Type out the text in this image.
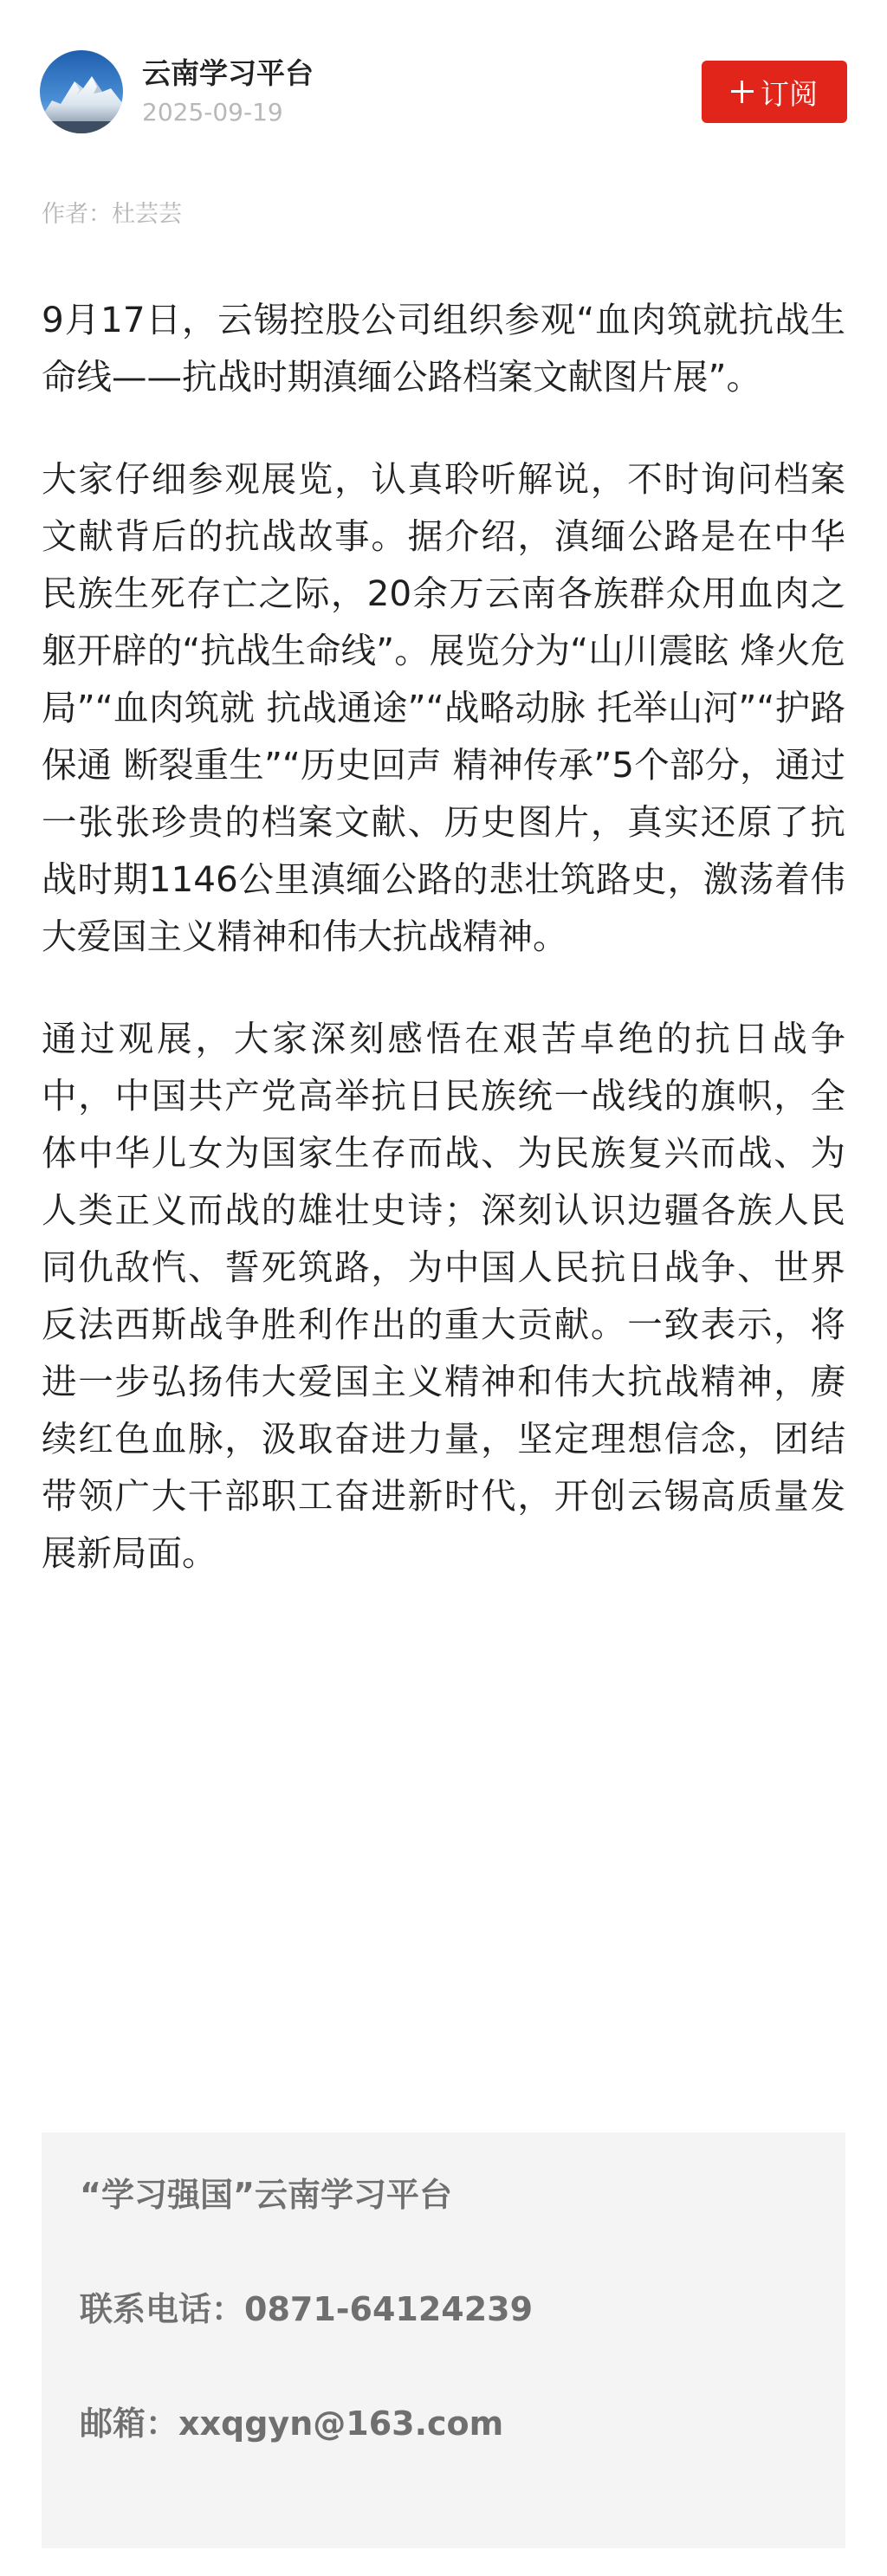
云南学习平台
2025-09-19
订阅
作者：杜芸芸

9月17日，云锡控股公司组织参观“血肉筑就抗战生命线——抗战时期滇缅公路档案文献图片展”。

大家仔细参观展览，认真聆听解说，不时询问档案文献背后的抗战故事。据介绍，滇缅公路是在中华民族生死存亡之际，20余万云南各族群众用血肉之躯开辟的“抗战生命线”。展览分为“山川震眩 烽火危局”“血肉筑就 抗战通途”“战略动脉 托举山河”“护路保通 断裂重生”“历史回声 精神传承”5个部分，通过一张张珍贵的档案文献、历史图片，真实还原了抗战时期1146公里滇缅公路的悲壮筑路史，激荡着伟大爱国主义精神和伟大抗战精神。

通过观展，大家深刻感悟在艰苦卓绝的抗日战争中，中国共产党高举抗日民族统一战线的旗帜，全体中华儿女为国家生存而战、为民族复兴而战、为人类正义而战的雄壮史诗；深刻认识边疆各族人民同仇敌忾、誓死筑路，为中国人民抗日战争、世界反法西斯战争胜利作出的重大贡献。一致表示，将进一步弘扬伟大爱国主义精神和伟大抗战精神，赓续红色血脉，汲取奋进力量，坚定理想信念，团结带领广大干部职工奋进新时代，开创云锡高质量发展新局面。

“学习强国”云南学习平台
联系电话：0871-64124239
邮箱：xxqgyn@163.com
